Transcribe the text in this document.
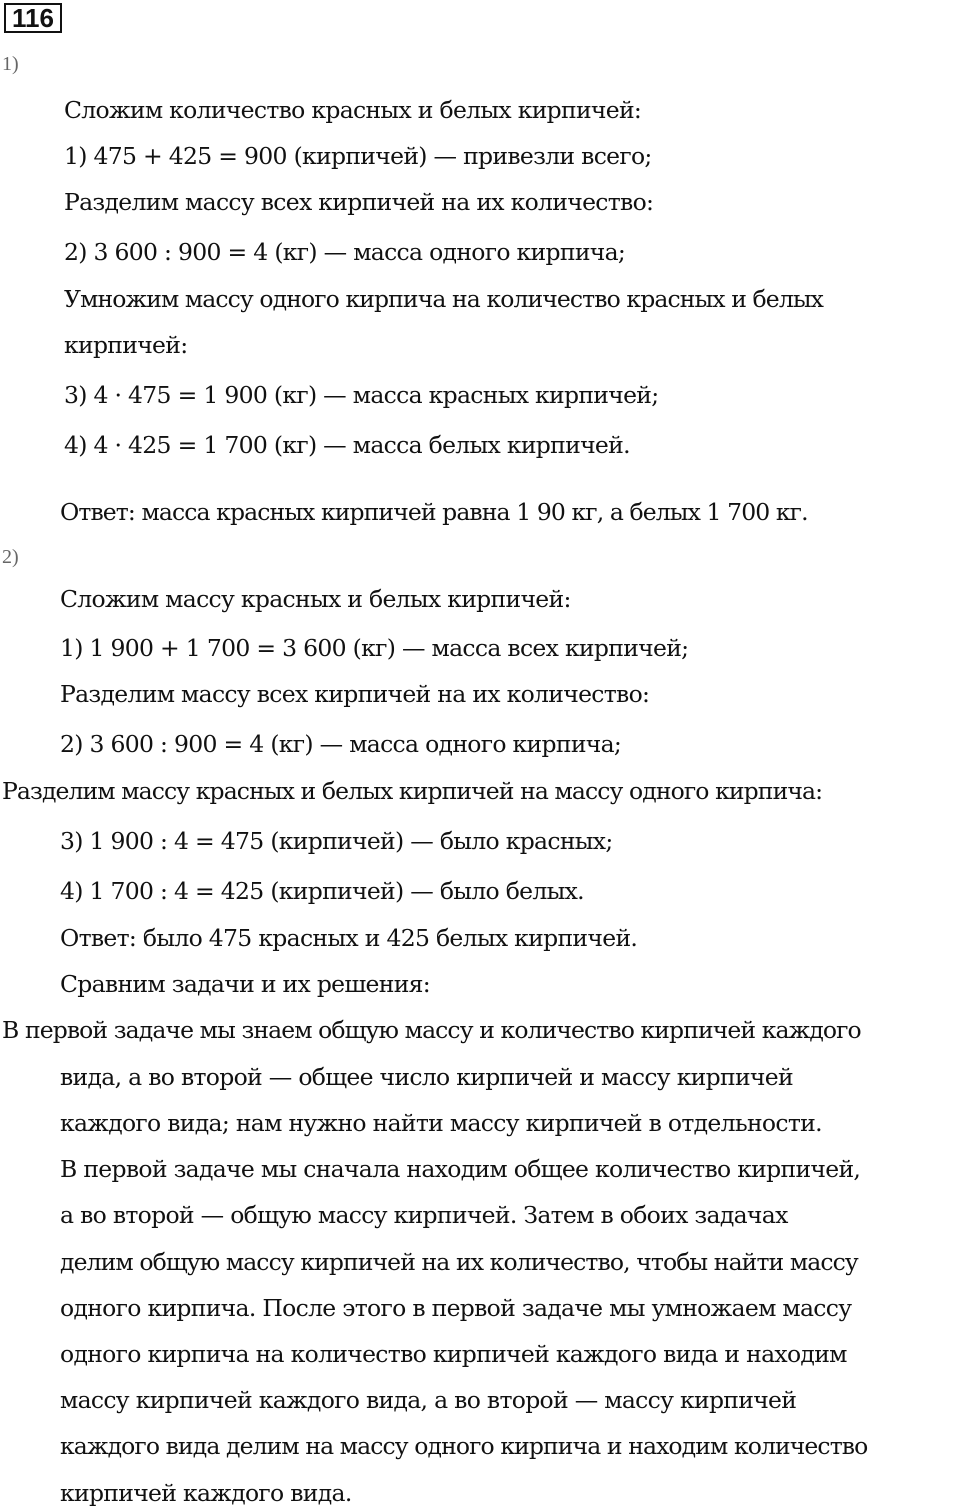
116
1)
Сложим количество красных и белых кирпичей:
1) 475 + 425 = 900 (кирпичей) — привезли всего;
Разделим массу всех кирпичей на их количество:
2) 3 600 : 900 = 4 (кг) — масса одного кирпича;
Умножим массу одного кирпича на количество красных и белых
кирпичей:
3) 4 · 475 = 1 900 (кг) — масса красных кирпичей;
4) 4 · 425 = 1 700 (кг) — масса белых кирпичей.
Ответ: масса красных кирпичей равна 1 90 кг, а белых 1 700 кг.
2)
Сложим массу красных и белых кирпичей:
1) 1 900 + 1 700 = 3 600 (кг) — масса всех кирпичей;
Разделим массу всех кирпичей на их количество:
2) 3 600 : 900 = 4 (кг) — масса одного кирпича;
Разделим массу красных и белых кирпичей на массу одного кирпича:
3) 1 900 : 4 = 475 (кирпичей) — было красных;
4) 1 700 : 4 = 425 (кирпичей) — было белых.
Ответ: было 475 красных и 425 белых кирпичей.
Сравним задачи и их решения:
В первой задаче мы знаем общую массу и количество кирпичей каждого
вида, а во второй — общее число кирпичей и массу кирпичей
каждого вида; нам нужно найти массу кирпичей в отдельности.
В первой задаче мы сначала находим общее количество кирпичей,
а во второй — общую массу кирпичей. Затем в обоих задачах
делим общую массу кирпичей на их количество, чтобы найти массу
одного кирпича. После этого в первой задаче мы умножаем массу
одного кирпича на количество кирпичей каждого вида и находим
массу кирпичей каждого вида, а во второй — массу кирпичей
каждого вида делим на массу одного кирпича и находим количество
кирпичей каждого вида.
